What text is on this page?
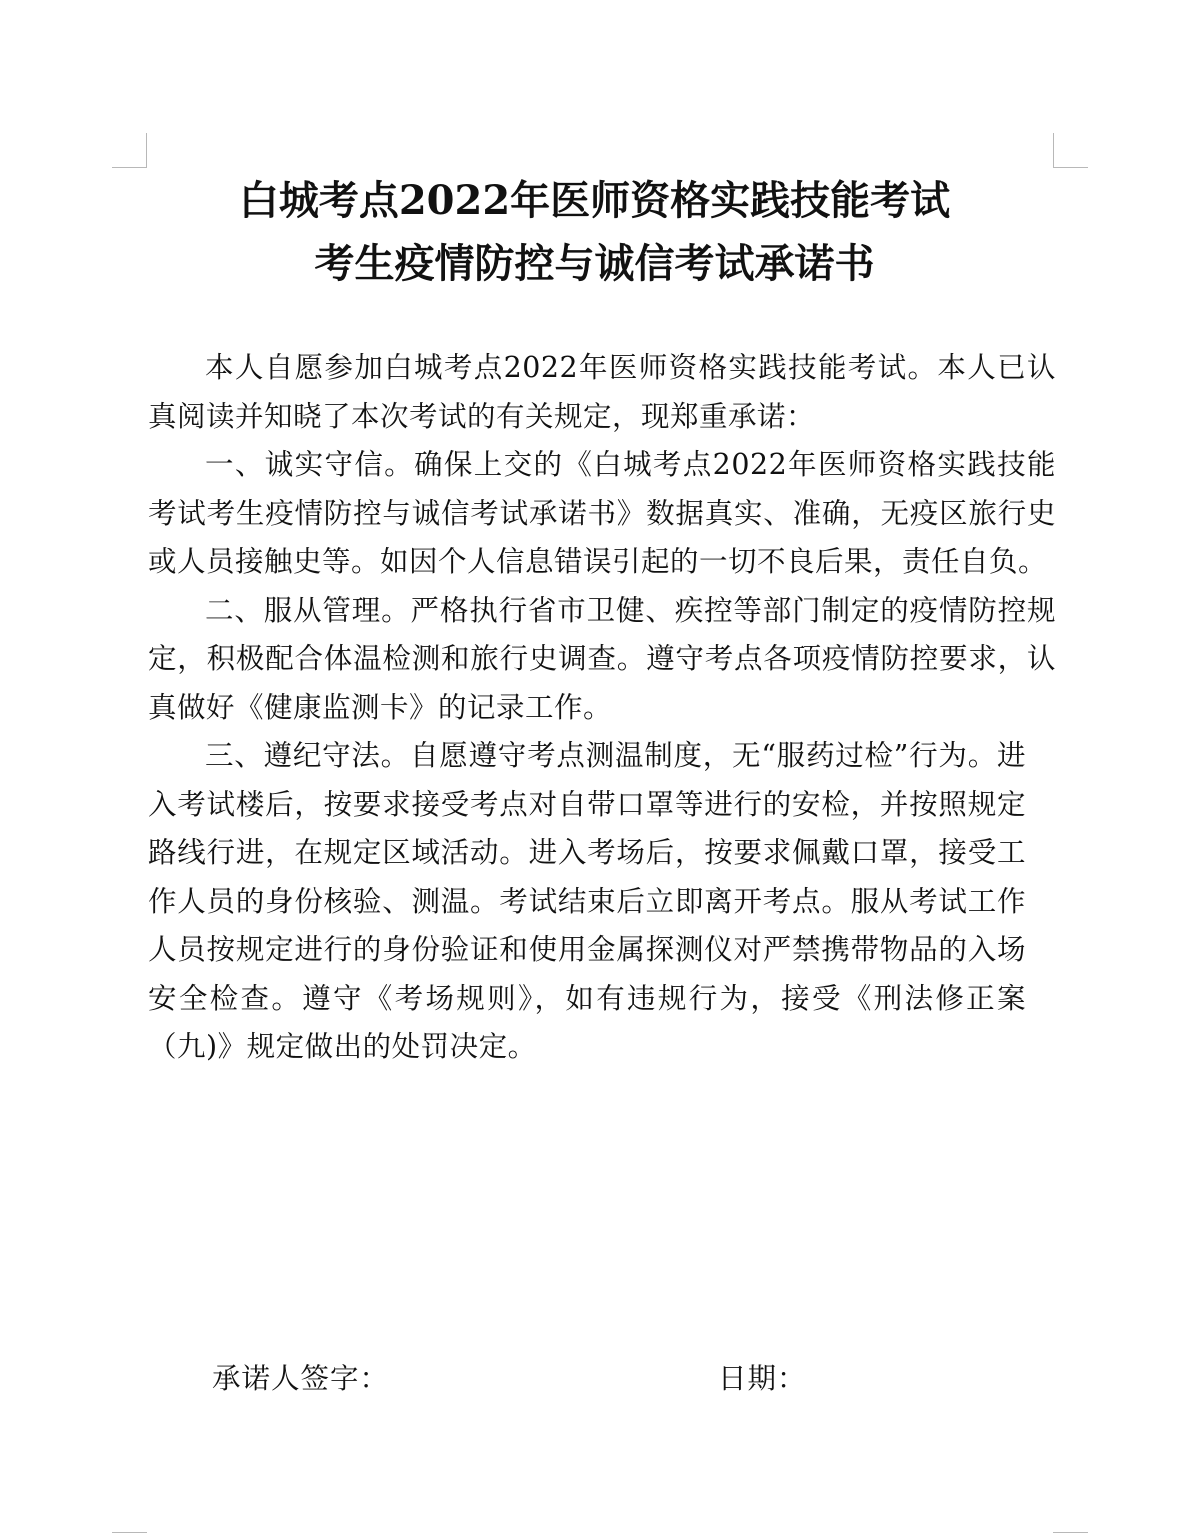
白城考点2022年医师资格实践技能考试
考生疫情防控与诚信考试承诺书

本人自愿参加白城考点2022年医师资格实践技能考试。本人已认真阅读并知晓了本次考试的有关规定，现郑重承诺：

一、诚实守信。确保上交的《白城考点2022年医师资格实践技能考试考生疫情防控与诚信考试承诺书》数据真实、准确，无疫区旅行史或人员接触史等。如因个人信息错误引起的一切不良后果，责任自负。

二、服从管理。严格执行省市卫健、疾控等部门制定的疫情防控规定，积极配合体温检测和旅行史调查。遵守考点各项疫情防控要求，认真做好《健康监测卡》的记录工作。

三、遵纪守法。自愿遵守考点测温制度，无“服药过检”行为。进入考试楼后，按要求接受考点对自带口罩等进行的安检，并按照规定路线行进，在规定区域活动。进入考场后，按要求佩戴口罩，接受工作人员的身份核验、测温。考试结束后立即离开考点。服从考试工作人员按规定进行的身份验证和使用金属探测仪对严禁携带物品的入场安全检查。遵守《考场规则》，如有违规行为，接受《刑法修正案（九)》规定做出的处罚决定。

承诺人签字：	日期：
